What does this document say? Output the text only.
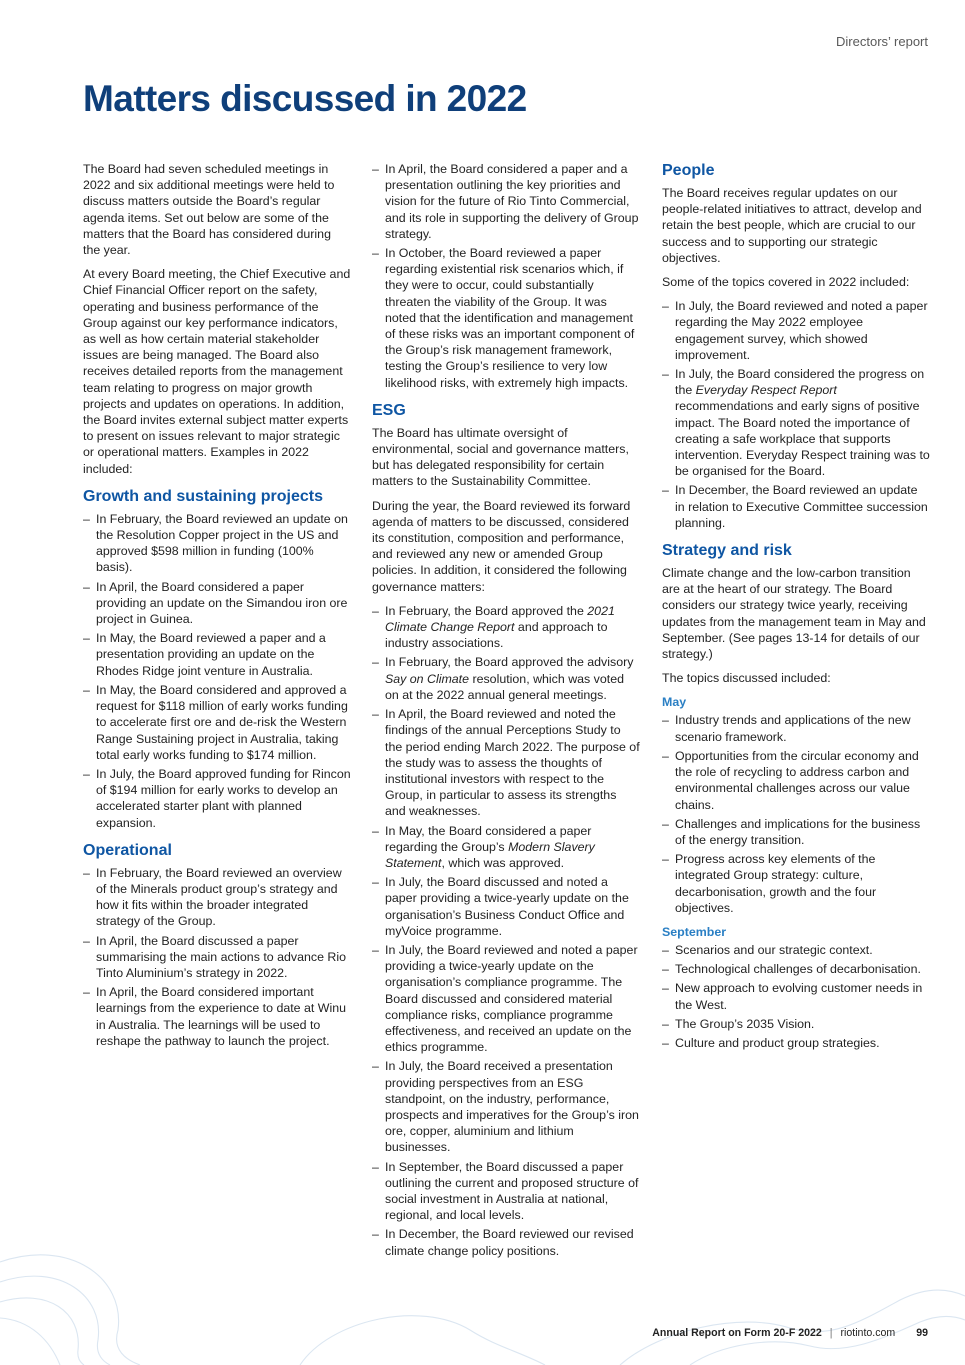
Directors’ report
Matters discussed in 2022

The Board had seven scheduled meetings in 2022 and six additional meetings were held to discuss matters outside the Board’s regular agenda items. Set out below are some of the matters that the Board has considered during the year.

At every Board meeting, the Chief Executive and Chief Financial Officer report on the safety, operating and business performance of the Group against our key performance indicators, as well as how certain material stakeholder issues are being managed. The Board also receives detailed reports from the management team relating to progress on major growth projects and updates on operations. In addition, the Board invites external subject matter experts to present on issues relevant to major strategic or operational matters. Examples in 2022 included:

Growth and sustaining projects
– In February, the Board reviewed an update on the Resolution Copper project in the US and approved $598 million in funding (100% basis).
– In April, the Board considered a paper providing an update on the Simandou iron ore project in Guinea.
– In May, the Board reviewed a paper and a presentation providing an update on the Rhodes Ridge joint venture in Australia.
– In May, the Board considered and approved a request for $118 million of early works funding to accelerate first ore and de-risk the Western Range Sustaining project in Australia, taking total early works funding to $174 million.
– In July, the Board approved funding for Rincon of $194 million for early works to develop an accelerated starter plant with planned expansion.
Operational
– In February, the Board reviewed an overview of the Minerals product group’s strategy and how it fits within the broader integrated strategy of the Group.
– In April, the Board discussed a paper summarising the main actions to advance Rio Tinto Aluminium’s strategy in 2022.
– In April, the Board considered important learnings from the experience to date at Winu in Australia. The learnings will be used to reshape the pathway to launch the project.
– In April, the Board considered a paper and a presentation outlining the key priorities and vision for the future of Rio Tinto Commercial, and its role in supporting the delivery of Group strategy.
– In October, the Board reviewed a paper regarding existential risk scenarios which, if they were to occur, could substantially threaten the viability of the Group. It was noted that the identification and management of these risks was an important component of the Group’s risk management framework, testing the Group’s resilience to very low likelihood risks, with extremely high impacts.
ESG

The Board has ultimate oversight of environmental, social and governance matters, but has delegated responsibility for certain matters to the Sustainability Committee.

During the year, the Board reviewed its forward agenda of matters to be discussed, considered its constitution, composition and performance, and reviewed any new or amended Group policies. In addition, it considered the following governance matters:

– In February, the Board approved the 2021 Climate Change Report and approach to industry associations.
– In February, the Board approved the advisory Say on Climate resolution, which was voted on at the 2022 annual general meetings.
– In April, the Board reviewed and noted the findings of the annual Perceptions Study to the period ending March 2022. The purpose of the study was to assess the thoughts of institutional investors with respect to the Group, in particular to assess its strengths and weaknesses.
– In May, the Board considered a paper regarding the Group’s Modern Slavery Statement, which was approved.
– In July, the Board discussed and noted a paper providing a twice-yearly update on the organisation’s Business Conduct Office and myVoice programme.
– In July, the Board reviewed and noted a paper providing a twice-yearly update on the organisation’s compliance programme. The Board discussed and considered material compliance risks, compliance programme effectiveness, and received an update on the ethics programme.
– In July, the Board received a presentation providing perspectives from an ESG standpoint, on the industry, performance, prospects and imperatives for the Group’s iron ore, copper, aluminium and lithium businesses.
– In September, the Board discussed a paper outlining the current and proposed structure of social investment in Australia at national, regional, and local levels.
– In December, the Board reviewed our revised climate change policy positions.
People

The Board receives regular updates on our people-related initiatives to attract, develop and retain the best people, which are crucial to our success and to supporting our strategic objectives.

Some of the topics covered in 2022 included:

– In July, the Board reviewed and noted a paper regarding the May 2022 employee engagement survey, which showed improvement.
– In July, the Board considered the progress on the Everyday Respect Report recommendations and early signs of positive impact. The Board noted the importance of creating a safe workplace that supports intervention. Everyday Respect training was to be organised for the Board.
– In December, the Board reviewed an update in relation to Executive Committee succession planning.
Strategy and risk

Climate change and the low-carbon transition are at the heart of our strategy. The Board considers our strategy twice yearly, receiving updates from the management team in May and September. (See pages 13-14 for details of our strategy.)

The topics discussed included:

May
– Industry trends and applications of the new scenario framework.
– Opportunities from the circular economy and the role of recycling to address carbon and environmental challenges across our value chains.
– Challenges and implications for the business of the energy transition.
– Progress across key elements of the integrated Group strategy: culture, decarbonisation, growth and the four objectives.
September
– Scenarios and our strategic context.
– Technological challenges of decarbonisation.
– New approach to evolving customer needs in the West.
– The Group’s 2035 Vision.
– Culture and product group strategies.
Annual Report on Form 20-F 2022 | riotinto.com 99
